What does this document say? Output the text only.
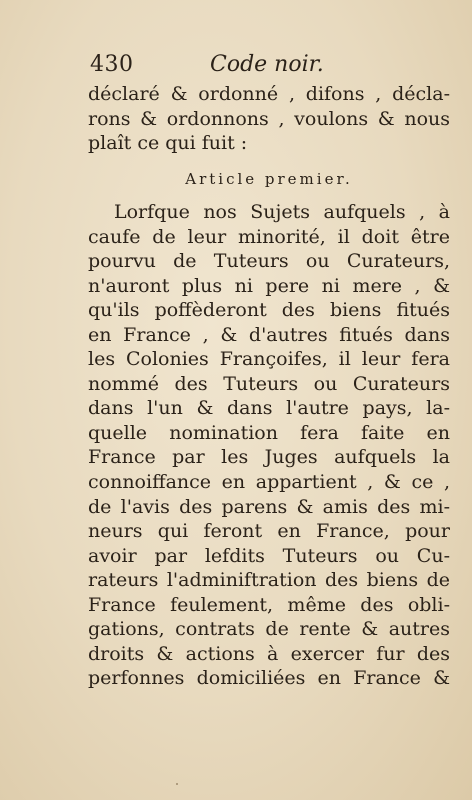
430	Code noir.
déclaré & ordonné , difons , décla-
rons & ordonnons , voulons & nous
plaît ce qui fuit :
Article premier.
Lorfque nos Sujets aufquels , à
caufe de leur minorité, il doit être
pourvu de Tuteurs ou Curateurs,
n'auront plus ni pere ni mere , &
qu'ils poffèderont des biens fitués
en France , & d'autres fitués dans
les Colonies Françoifes, il leur fera
nommé des Tuteurs ou Curateurs
dans l'un & dans l'autre pays, la-
quelle nomination fera faite en
France par les Juges aufquels la
connoiffance en appartient , & ce ,
de l'avis des parens & amis des mi-
neurs qui feront en France, pour
avoir par lefdits Tuteurs ou Cu-
rateurs l'adminiftration des biens de
France feulement, même des obli-
gations, contrats de rente & autres
droits & actions à exercer fur des
perfonnes domiciliées en France &
